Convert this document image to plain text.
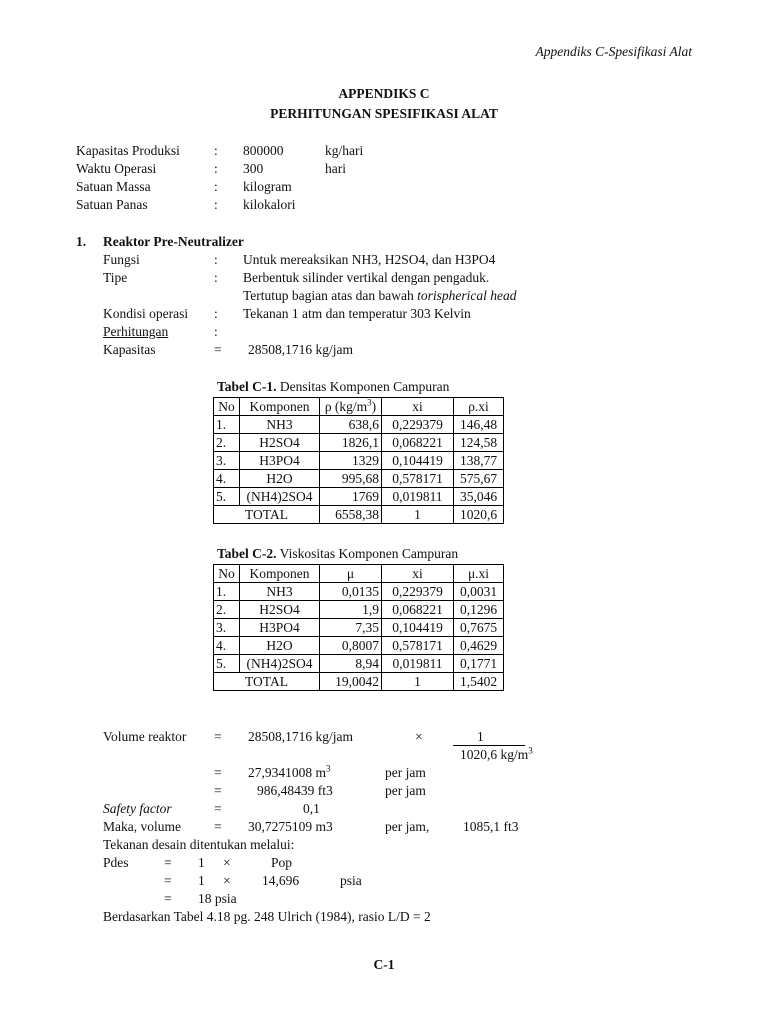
Appendiks C-Spesifikasi Alat
APPENDIKS C
PERHITUNGAN SPESIFIKASI ALAT
Kapasitas Produksi	: 800000	kg/hari
Waktu Operasi	: 300	hari
Satuan Massa	: kilogram
Satuan Panas	: kilokalori
1. Reaktor Pre-Neutralizer
Fungsi	: Untuk mereaksikan NH3, H2SO4, dan H3PO4
Tipe	: Berbentuk silinder vertikal dengan pengaduk.
Tertutup bagian atas dan bawah torispherical head
Kondisi operasi : Tekanan 1 atm dan temperatur 303 Kelvin
Perhitungan	:
Kapasitas	= 28508,1716 kg/jam
Tabel C-1. Densitas Komponen Campuran
No	Komponen	ρ $(kg/m^3)$	xi	ρ.xi
1.	NH3	638,6	0,229379	146,48
2.	H2SO4	1826,1	0,068221	124,58
3.	H3PO4	1329	0,104419	138,77
4.	H2O	995,68	0,578171	575,67
5.	(NH4)2SO4	1769	0,019811	35,046
TOTAL		6558,38	1	1020,6
Tabel C-2. Viskositas Komponen Campuran
No	Komponen	μ	xi	μ.xi
1.	NH3	0,0135	0,229379	0,0031
2.	H2SO4	1,9	0,068221	0,1296
3.	H3PO4	7,35	0,104419	0,7675
4.	H2O	0,8007	0,578171	0,4629
5.	(NH4)2SO4	8,94	0,019811	0,1771
TOTAL		19,0042	1	1,5402
Volume reaktor = 28508,1716 kg/jam	×	1
1020,6 $kg/m^3$
= 27,9341008 $m^3$	per jam
=	986,48439 ft3	per jam
Safety factor	=	0,1
Maka, volume = 30,7275109 m3	per jam,	1085,1 ft3
Tekanan desain ditentukan melalui:
Pdes	= 1 ×	Pop
= 1 × 14,696	psia
= 18 psia
Berdasarkan Tabel 4.18 pg. 248 Ulrich (1984), rasio L/D = 2
C-1
